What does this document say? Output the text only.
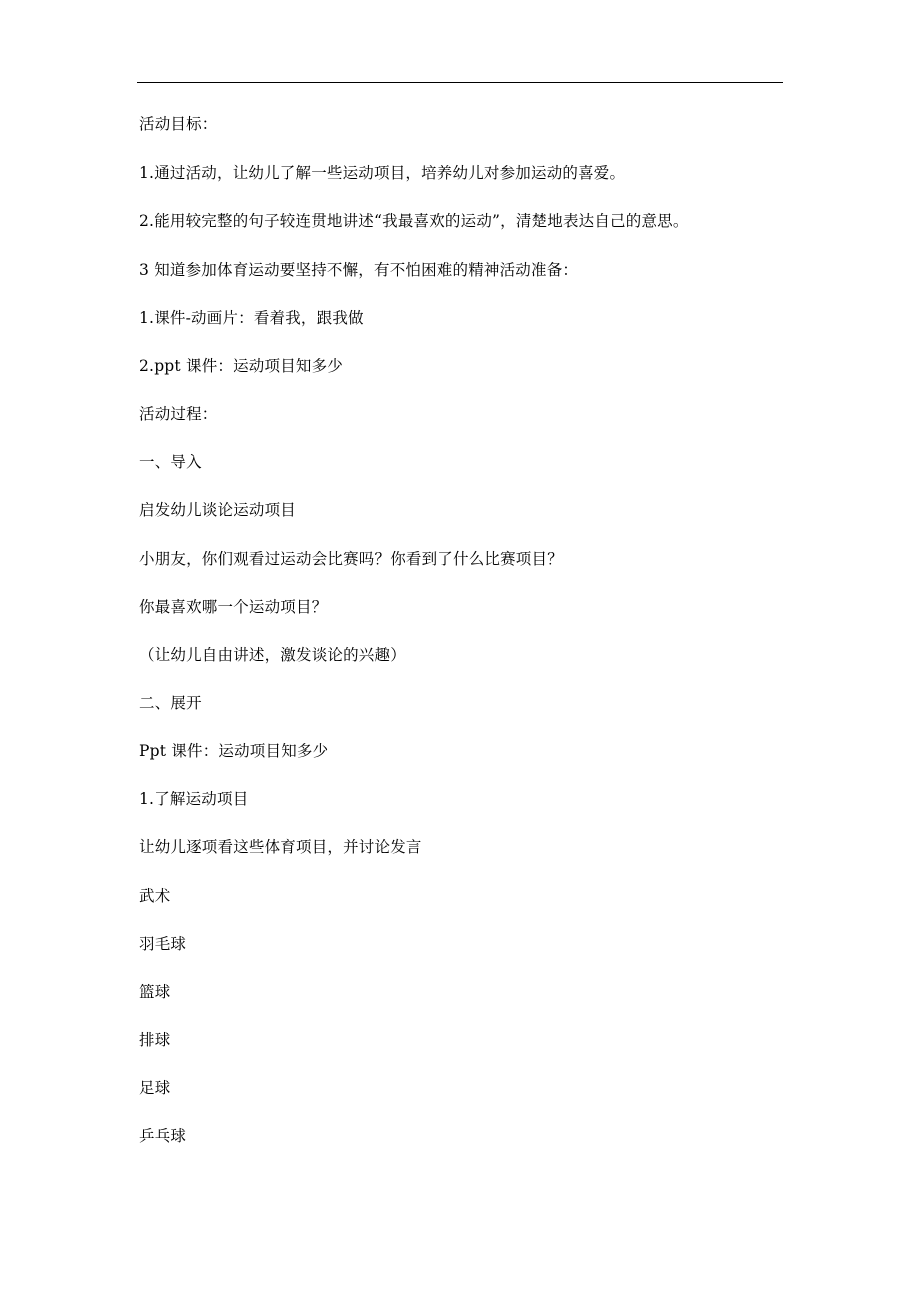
活动目标：
1.通过活动，让幼儿了解一些运动项目，培养幼儿对参加运动的喜爱。
2.能用较完整的句子较连贯地讲述“我最喜欢的运动”，清楚地表达自己的意思。
3 知道参加体育运动要坚持不懈，有不怕困难的精神活动准备：
1.课件-动画片：看着我，跟我做
2.ppt 课件：运动项目知多少
活动过程：
一、导入
启发幼儿谈论运动项目
小朋友，你们观看过运动会比赛吗？你看到了什么比赛项目？
你最喜欢哪一个运动项目？
（让幼儿自由讲述，激发谈论的兴趣）
二、展开
Ppt 课件：运动项目知多少
1.了解运动项目
让幼儿逐项看这些体育项目，并讨论发言
武术
羽毛球
篮球
排球
足球
乒乓球
